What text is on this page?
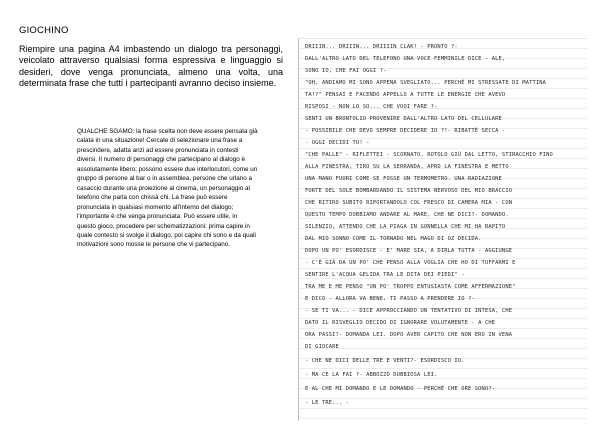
GIOCHINO
Riempire una pagina A4 imbastendo un dialogo tra personaggi, veicolato attraverso qualsiasi forma espressiva e linguaggio si desideri, dove venga pronunciata, almeno una volta, una determinata frase che tutti i partecipanti avranno deciso insieme.
QUALCHE SGAMO: la frase scelta non deve essere pensata già
calata in una situazione! Cercate di selezionare una frase a
prescindere, adatta anzi ad essere pronunciata in contesti
diversi. Il numero di personaggi che partecipano al dialogo è
assolutamente libero; possono essere due interlocutori, come un
gruppo di persone al bar o in assemblea, persone che urlano a
casaccio durante una proiezione al cinema, un personaggio al
telefono che parla con chissà chi. La frase può essere
pronunciata in qualsiasi momento all'interno del dialogo;
l'importante è che venga pronunciata. Può essere utile, in
questo gioco, procedere per schematizzazioni: prima capire in
quale contesto si svolge il dialogo, poi capire chi sono e da quali
motivazioni sono mosse le persone che vi partecipano.
DRIIIN... DRIIIN... DRIIIIN CLAK! - PRONTO ?-
DALL'ALTRO LATO DEL TELEFONO UNA VOCE FEMMINILE DICE - ALE,
SONO IO, CHE FAI OGGI ?-
"OH, ANDIAMO MI SONO APPENA SVEGLIATO... PERCHÉ MI STRESSATE DI MATTINA
TA!?" PENSAI E FACENDO APPELLO A TUTTE LE ENERGIE CHE AVEVO
RISPOSI - NON LO SO... CHE VUOI FARE ?-
SENTI UN BRONTOLIO PROVENIRE DALL'ALTRO LATO DEL CELLULARE
- POSSIBILE CHE DEVO SEMPRE DECIDERE IO ?!- RIBATTÉ SECCA -
- OGGI DECIDI TU! -
"CHE PALLE" - RIFLETTEI - SCORNATO, ROTOLO GIÙ DAL LETTO, STIRACCHIO FINO
ALLA FINESTRA, TIRO SU LA SERRANDA, APRO LA FINESTRA E METTO
UNA MANO FUORI COME SE FOSSE UN TERMOMETRO. UNA RADIAZIONE
FORTE DEL SOLE BOMBARDANDO IL SISTEMA NERVOSO DEL MIO BRACCIO
CHE RITIRO SUBITO RIPORTANDOLO COL FRESCO DI CAMERA MIA - CON
QUESTO TEMPO DOBBIAMO ANDARE AL MARE, CHE NE DICI?- DOMANDO.
SILENZIO, ATTENDO CHE LA PIAGA IN GONNELLA CHE MI HA RAPITO
DAL MIO SONNO COME IL TORNADO NEL MAGO DI OZ DECIDA.
DOPO UN PO' ESORDISCE - E' MARE SIA, A DIRLA TUTTA - AGGIUNGE
- C'È GIÀ DA UN PO' CHE PENSO ALLA VOGLIA CHE HO DI TUFFARMI E
SENTIRE L'ACQUA GELIDA TRA LE DITA DEI PIEDI" -
TRA ME E ME PENSO "UN PO' TROPPO ENTUSIASTA COME AFFERMAZIONE"
E DICO - ALLORA VA BENE, TI PASSO A PRENDERE IO ?-
- SE TI VA... - DICE APPROCCIANDO UN TENTATIVO DI INTESA, CHE
DATO IL RISVEGLIO DECIDO DI IGNORARE VOLUTAMENTE - A CHE
ORA PASSI?- DOMANDA LEI. DOPO AVER CAPITO CHE NON ERO IN VENA
DI GIOCARE
- CHE NE DICI DELLE TRE E VENTI?- ESORDISCO IO.
- MA CE LA FAI ?- ABBOZZÒ DUBBIOSA LEI.
E AL CHE MI DOMANDO E LE DOMANDO - PERCHÉ CHE ORE SONO?-
- LE TRE... -
